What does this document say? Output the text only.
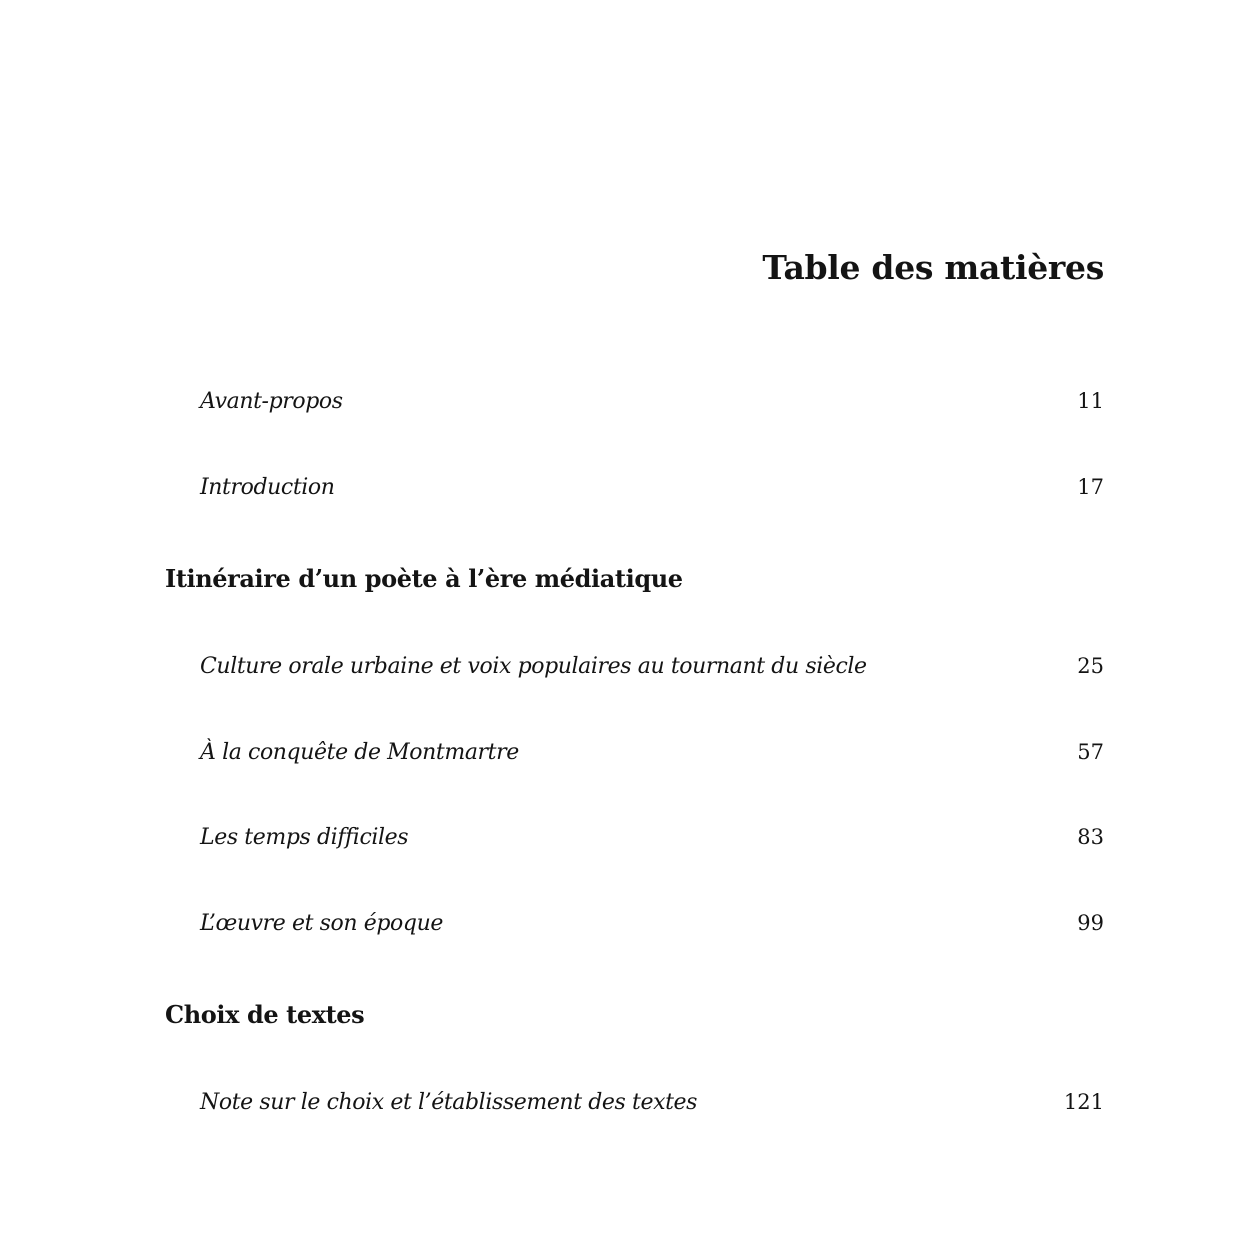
Table des matières
Avant-propos	11
Introduction	17
Itinéraire d’un poète à l’ère médiatique
Culture orale urbaine et voix populaires au tournant du siècle	25
À la conquête de Montmartre	57
Les temps difficiles	83
L’œuvre et son époque	99
Choix de textes
Note sur le choix et l’établissement des textes	121
